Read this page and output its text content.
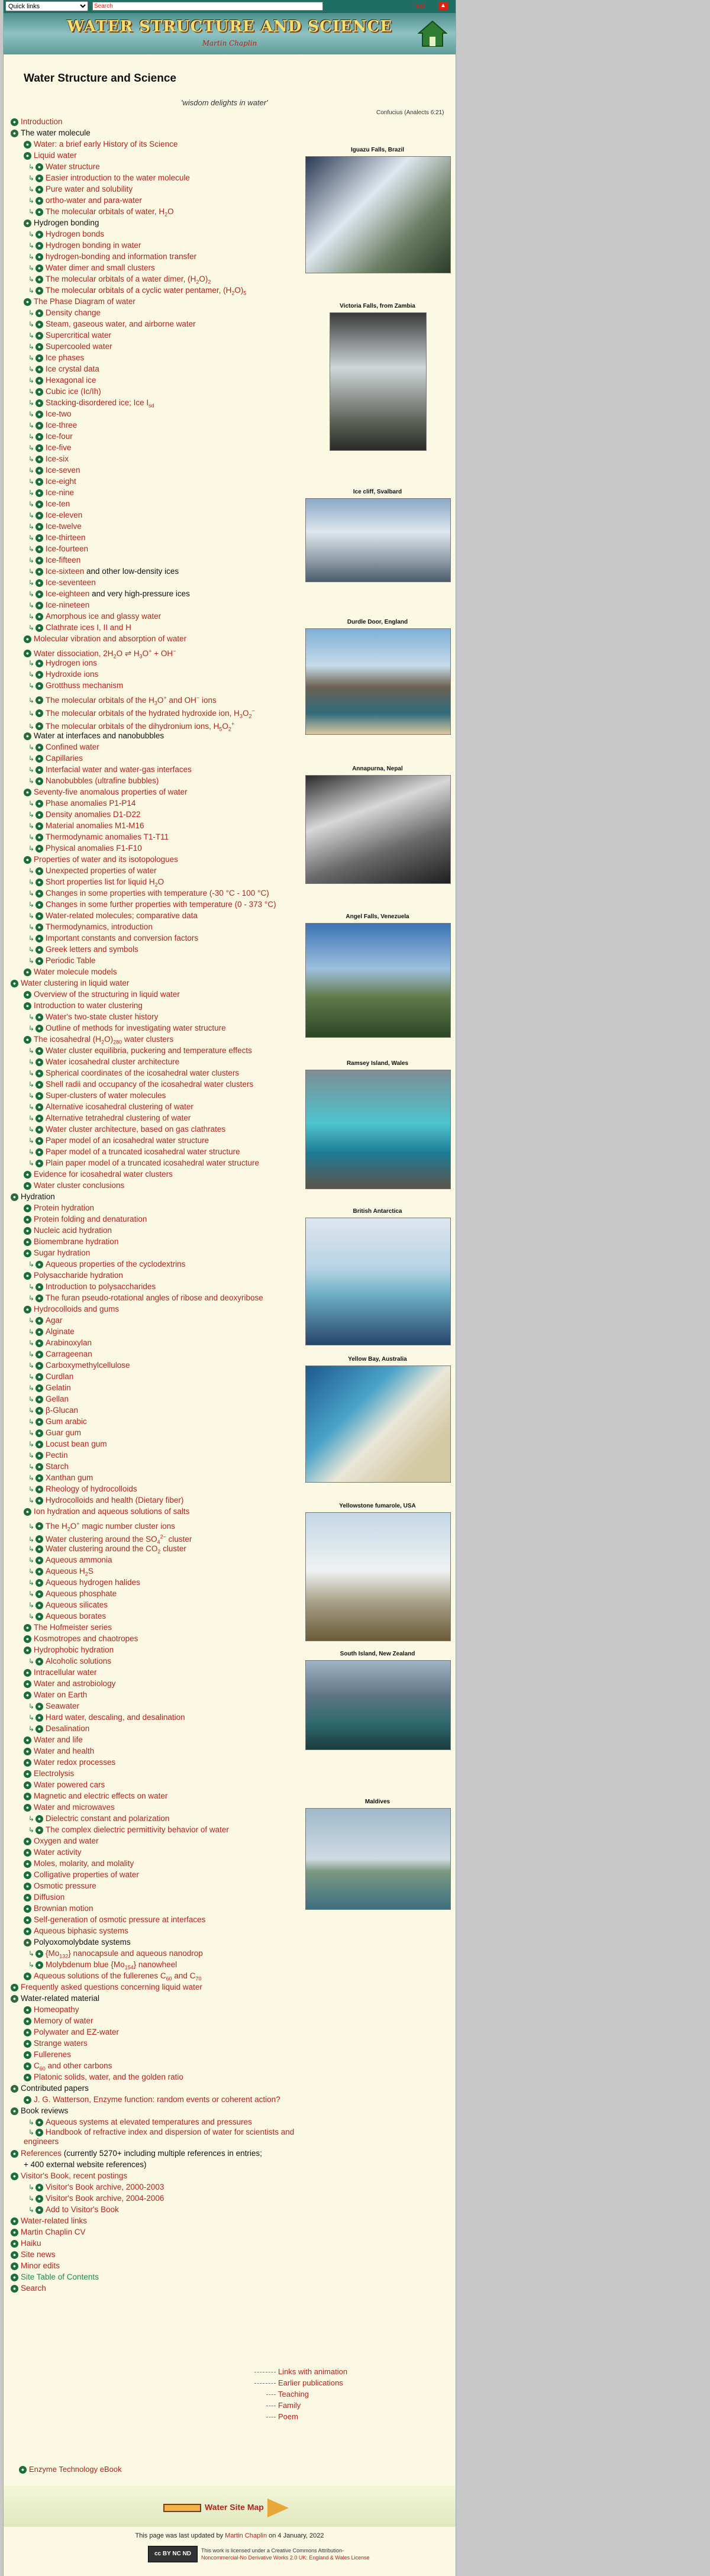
Quick links
Search	Find	▲
WATER STRUCTURE AND SCIENCE
Martin Chaplin
Water Structure and Science
'wisdom delights in water'
Confucius (Analects 6:21)
● Introduction
● The water molecule
● Water: a brief early History of its Science
● Liquid water
↳ ● Water structure
↳ ● Easier introduction to the water molecule
↳ ● Pure water and solubility
↳ ● ortho-water and para-water
↳ ● The molecular orbitals of water, $H_2O$
● Hydrogen bonding
↳ ● Hydrogen bonds
↳ ● Hydrogen bonding in water
↳ ● hydrogen-bonding and information transfer
↳ ● Water dimer and small clusters
↳ ● The molecular orbitals of a water dimer, $(H_2O)_2$
↳ ● The molecular orbitals of a cyclic water pentamer, $(H_2O)_5$
● The Phase Diagram of water
↳ ● Density change
↳ ● Steam, gaseous water, and airborne water
↳ ● Supercritical water
↳ ● Supercooled water
↳ ● Ice phases
↳ ● Ice crystal data
↳ ● Hexagonal ice
↳ ● Cubic ice (Ic/Ih)
↳ ● Stacking-disordered ice; Ice $I_{sd}$
↳ ● Ice-two
↳ ● Ice-three
↳ ● Ice-four
↳ ● Ice-five
↳ ● Ice-six
↳ ● Ice-seven
↳ ● Ice-eight
↳ ● Ice-nine
↳ ● Ice-ten
↳ ● Ice-eleven
↳ ● Ice-twelve
↳ ● Ice-thirteen
↳ ● Ice-fourteen
↳ ● Ice-fifteen
↳ ● Ice-sixteen and other low-density ices
↳ ● Ice-seventeen
↳ ● Ice-eighteen and very high-pressure ices
↳ ● Ice-nineteen
↳ ● Amorphous ice and glassy water
↳ ● Clathrate ices I, II and H
● Molecular vibration and absorption of water
● Water dissociation, $2H_2O$ ⇌ $H_3O^+ + OH^-$
↳ ● Hydrogen ions
↳ ● Hydroxide ions
↳ ● Grotthuss mechanism
↳ ● The molecular orbitals of the $H_3O^+$ and OH− ions
↳ ● The molecular orbitals of the hydrated hydroxide ion, $H_3O_2^-$
↳ ● The molecular orbitals of the dihydronium ions, $H_5O_2^+$
● Water at interfaces and nanobubbles
↳ ● Confined water
↳ ● Capillaries
↳ ● Interfacial water and water-gas interfaces
↳ ● Nanobubbles (ultrafine bubbles)
● Seventy-five anomalous properties of water
↳ ● Phase anomalies P1-P14
↳ ● Density anomalies D1-D22
↳ ● Material anomalies M1-M16
↳ ● Thermodynamic anomalies T1-T11
↳ ● Physical anomalies F1-F10
● Properties of water and its isotopologues
↳ ● Unexpected properties of water
↳ ● Short properties list for liquid $H_2O$
↳ ● Changes in some properties with temperature (-30 °C - 100 °C)
↳ ● Changes in some further properties with temperature (0 - 373 °C)
↳ ● Water-related molecules; comparative data
↳ ● Thermodynamics, introduction
↳ ● Important constants and conversion factors
↳ ● Greek letters and symbols
↳ ● Periodic Table
● Water molecule models
● Water clustering in liquid water
● Overview of the structuring in liquid water
● Introduction to water clustering
↳ ● Water's two-state cluster history
↳ ● Outline of methods for investigating water structure
● The icosahedral $(H_2O)_{280}$ water clusters
↳ ● Water cluster equilibria, puckering and temperature effects
↳ ● Water icosahedral cluster architecture
↳ ● Spherical coordinates of the icosahedral water clusters
↳ ● Shell radii and occupancy of the icosahedral water clusters
↳ ● Super-clusters of water molecules
↳ ● Alternative icosahedral clustering of water
↳ ● Alternative tetrahedral clustering of water
↳ ● Water cluster architecture, based on gas clathrates
↳ ● Paper model of an icosahedral water structure
↳ ● Paper model of a truncated icosahedral water structure
↳ ● Plain paper model of a truncated icosahedral water structure
● Evidence for icosahedral water clusters
● Water cluster conclusions
● Hydration
● Protein hydration
● Protein folding and denaturation
● Nucleic acid hydration
● Biomembrane hydration
● Sugar hydration
↳ ● Aqueous properties of the cyclodextrins
● Polysaccharide hydration
↳ ● Introduction to polysaccharides
↳ ● The furan pseudo-rotational angles of ribose and deoxyribose
● Hydrocolloids and gums
↳ ● Agar
↳ ● Alginate
↳ ● Arabinoxylan
↳ ● Carrageenan
↳ ● Carboxymethylcellulose
↳ ● Curdlan
↳ ● Gelatin
↳ ● Gellan
↳ ● β-Glucan
↳ ● Gum arabic
↳ ● Guar gum
↳ ● Locust bean gum
↳ ● Pectin
↳ ● Starch
↳ ● Xanthan gum
↳ ● Rheology of hydrocolloids
↳ ● Hydrocolloids and health (Dietary fiber)
● Ion hydration and aqueous solutions of salts
↳ ● The $H_2O^+$ magic number cluster ions
↳ ● Water clustering around the $SO_4^{2-}$ cluster
↳ ● Water clustering around the $CO_2$ cluster
↳ ● Aqueous ammonia
↳ ● Aqueous $H_2S$
↳ ● Aqueous hydrogen halides
↳ ● Aqueous phosphate
↳ ● Aqueous silicates
↳ ● Aqueous borates
● The Hofmeister series
● Kosmotropes and chaotropes
● Hydrophobic hydration
↳ ● Alcoholic solutions
● Intracellular water
● Water and astrobiology
● Water on Earth
↳ ● Seawater
↳ ● Hard water, descaling, and desalination
↳ ● Desalination
● Water and life
● Water and health
● Water redox processes
● Electrolysis
● Water powered cars
● Magnetic and electric effects on water
● Water and microwaves
↳ ● Dielectric constant and polarization
↳ ● The complex dielectric permittivity behavior of water
● Oxygen and water
● Water activity
● Moles, molarity, and molality
● Colligative properties of water
● Osmotic pressure
● Diffusion
● Brownian motion
● Self-generation of osmotic pressure at interfaces
● Aqueous biphasic systems
● Polyoxomolybdate systems
↳ ● $\{Mo_{132}\}$ nanocapsule and aqueous nanodrop
↳ ● Molybdenum blue $\{Mo_{154}\}$ nanowheel
● Aqueous solutions of the fullerenes $C_{60}$ and $C_{70}$
● Frequently asked questions concerning liquid water
● Water-related material
● Homeopathy
● Memory of water
● Polywater and EZ-water
● Strange waters
● Fullerenes
● $C_{60}$ and other carbons
● Platonic solids, water, and the golden ratio
● Contributed papers
● J. G. Watterson, Enzyme function: random events or coherent action?
● Book reviews
↳ ● Aqueous systems at elevated temperatures and pressures
↳ ● Handbook of refractive index and dispersion of water for scientists and engineers
● References (currently 5270+ including multiple references in entries;
+ 400 external website references)
● Visitor's Book, recent postings
↳ ● Visitor's Book archive, 2000-2003
↳ ● Visitor's Book archive, 2004-2006
↳ ● Add to Visitor's Book
● Water-related links
● Martin Chaplin CV
● Haiku
● Site news
● Minor edits
● Site Table of Contents
● Search
Iguazu Falls, Brazil
Victoria Falls, from Zambia
Ice cliff, Svalbard
Durdle Door, England
Annapurna, Nepal
Angel Falls, Venezuela
Ramsey Island, Wales
British Antarctica
Yellow Bay, Australia
Yellowstone fumarole, USA
South Island, New Zealand
Maldives
Links with animation
Earlier publications
Teaching
Family
Poem
● Enzyme Technology eBook
Water Site Map
This page was last updated by Martin Chaplin on 4 January, 2022
cc BY NC ND	This work is licensed under a Creative Commons Attribution-
Noncommercial-No Derivative Works 2.0 UK: England & Wales License
